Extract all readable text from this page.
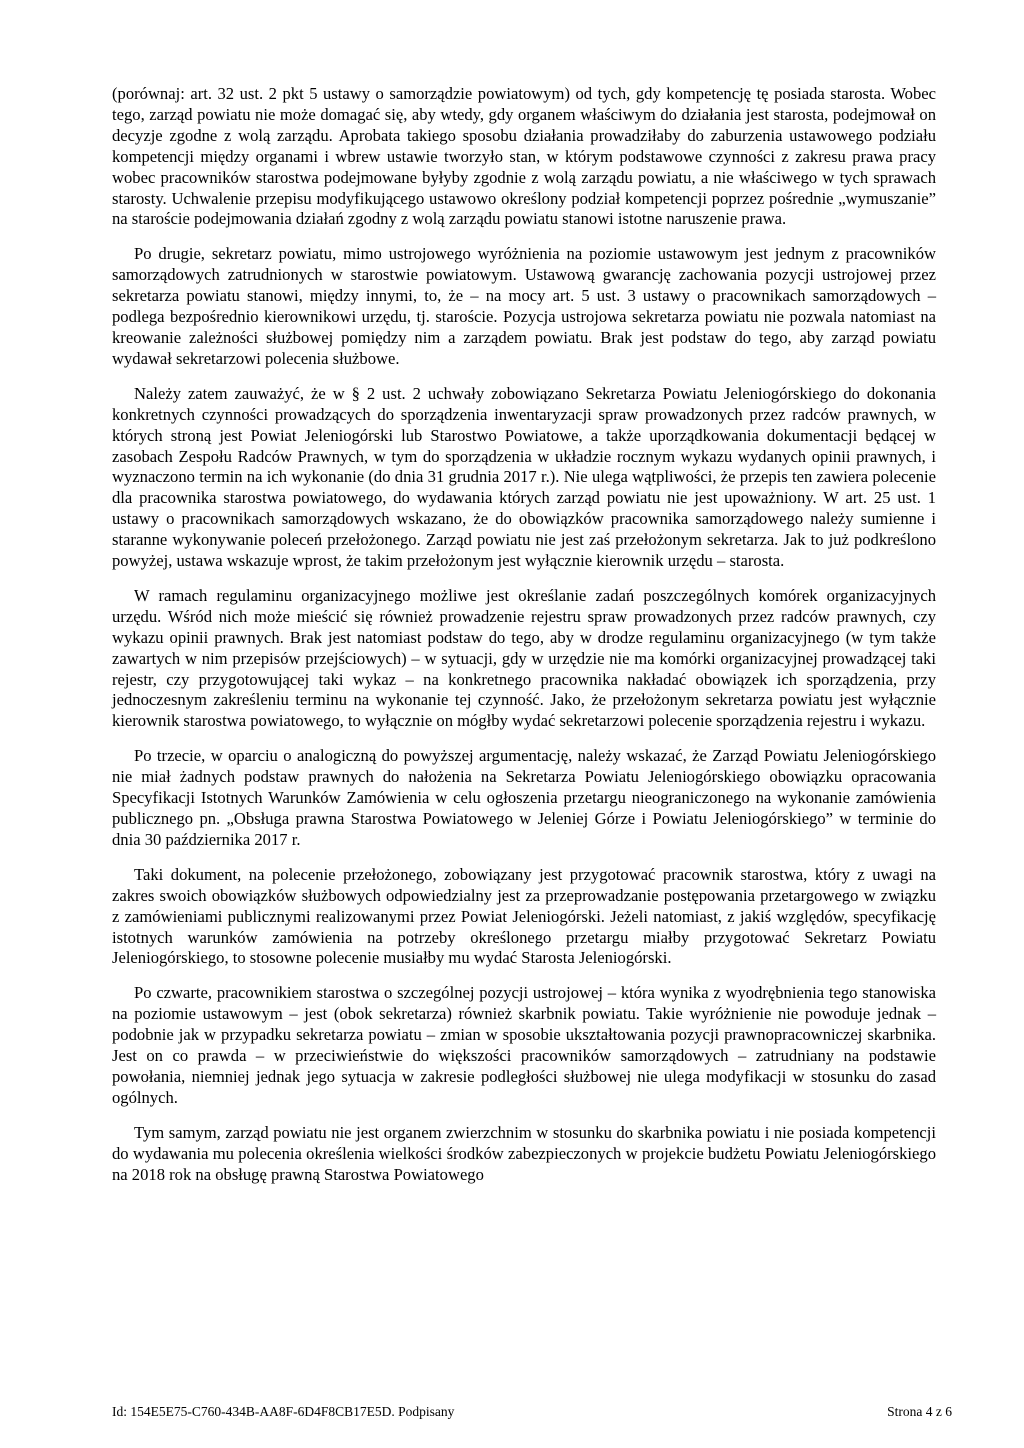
(porównaj: art. 32 ust. 2 pkt 5 ustawy o samorządzie powiatowym) od tych, gdy kompetencję tę posiada starosta. Wobec tego, zarząd powiatu nie może domagać się, aby wtedy, gdy organem właściwym do działania jest starosta, podejmował on decyzje zgodne z wolą zarządu. Aprobata takiego sposobu działania prowadziłaby do zaburzenia ustawowego podziału kompetencji między organami i wbrew ustawie tworzyło stan, w którym podstawowe czynności z zakresu prawa pracy wobec pracowników starostwa podejmowane byłyby zgodnie z wolą zarządu powiatu, a nie właściwego w tych sprawach starosty. Uchwalenie przepisu modyfikującego ustawowo określony podział kompetencji poprzez pośrednie „wymuszanie” na staroście podejmowania działań zgodny z wolą zarządu powiatu stanowi istotne naruszenie prawa.

Po drugie, sekretarz powiatu, mimo ustrojowego wyróżnienia na poziomie ustawowym jest jednym z pracowników samorządowych zatrudnionych w starostwie powiatowym. Ustawową gwarancję zachowania pozycji ustrojowej przez sekretarza powiatu stanowi, między innymi, to, że – na mocy art. 5 ust. 3 ustawy o pracownikach samorządowych – podlega bezpośrednio kierownikowi urzędu, tj. staroście. Pozycja ustrojowa sekretarza powiatu nie pozwala natomiast na kreowanie zależności służbowej pomiędzy nim a zarządem powiatu. Brak jest podstaw do tego, aby zarząd powiatu wydawał sekretarzowi polecenia służbowe.

Należy zatem zauważyć, że w § 2 ust. 2 uchwały zobowiązano Sekretarza Powiatu Jeleniogórskiego do dokonania konkretnych czynności prowadzących do sporządzenia inwentaryzacji spraw prowadzonych przez radców prawnych, w których stroną jest Powiat Jeleniogórski lub Starostwo Powiatowe, a także uporządkowania dokumentacji będącej w zasobach Zespołu Radców Prawnych, w tym do sporządzenia w układzie rocznym wykazu wydanych opinii prawnych, i wyznaczono termin na ich wykonanie (do dnia 31 grudnia 2017 r.). Nie ulega wątpliwości, że przepis ten zawiera polecenie dla pracownika starostwa powiatowego, do wydawania których zarząd powiatu nie jest upoważniony. W art. 25 ust. 1 ustawy o pracownikach samorządowych wskazano, że do obowiązków pracownika samorządowego należy sumienne i staranne wykonywanie poleceń przełożonego. Zarząd powiatu nie jest zaś przełożonym sekretarza. Jak to już podkreślono powyżej, ustawa wskazuje wprost, że takim przełożonym jest wyłącznie kierownik urzędu – starosta.

W ramach regulaminu organizacyjnego możliwe jest określanie zadań poszczególnych komórek organizacyjnych urzędu. Wśród nich może mieścić się również prowadzenie rejestru spraw prowadzonych przez radców prawnych, czy wykazu opinii prawnych. Brak jest natomiast podstaw do tego, aby w drodze regulaminu organizacyjnego (w tym także zawartych w nim przepisów przejściowych) – w sytuacji, gdy w urzędzie nie ma komórki organizacyjnej prowadzącej taki rejestr, czy przygotowującej taki wykaz – na konkretnego pracownika nakładać obowiązek ich sporządzenia, przy jednoczesnym zakreśleniu terminu na wykonanie tej czynność. Jako, że przełożonym sekretarza powiatu jest wyłącznie kierownik starostwa powiatowego, to wyłącznie on mógłby wydać sekretarzowi polecenie sporządzenia rejestru i wykazu.

Po trzecie, w oparciu o analogiczną do powyższej argumentację, należy wskazać, że Zarząd Powiatu Jeleniogórskiego nie miał żadnych podstaw prawnych do nałożenia na Sekretarza Powiatu Jeleniogórskiego obowiązku opracowania Specyfikacji Istotnych Warunków Zamówienia w celu ogłoszenia przetargu nieograniczonego na wykonanie zamówienia publicznego pn. „Obsługa prawna Starostwa Powiatowego w Jeleniej Górze i Powiatu Jeleniogórskiego” w terminie do dnia 30 października 2017 r.

Taki dokument, na polecenie przełożonego, zobowiązany jest przygotować pracownik starostwa, który z uwagi na zakres swoich obowiązków służbowych odpowiedzialny jest za przeprowadzanie postępowania przetargowego w związku z zamówieniami publicznymi realizowanymi przez Powiat Jeleniogórski. Jeżeli natomiast, z jakiś względów, specyfikację istotnych warunków zamówienia na potrzeby określonego przetargu miałby przygotować Sekretarz Powiatu Jeleniogórskiego, to stosowne polecenie musiałby mu wydać Starosta Jeleniogórski.

Po czwarte, pracownikiem starostwa o szczególnej pozycji ustrojowej – która wynika z wyodrębnienia tego stanowiska na poziomie ustawowym – jest (obok sekretarza) również skarbnik powiatu. Takie wyróżnienie nie powoduje jednak – podobnie jak w przypadku sekretarza powiatu – zmian w sposobie ukształtowania pozycji prawnopracowniczej skarbnika. Jest on co prawda – w przeciwieństwie do większości pracowników samorządowych – zatrudniany na podstawie powołania, niemniej jednak jego sytuacja w zakresie podległości służbowej nie ulega modyfikacji w stosunku do zasad ogólnych.

Tym samym, zarząd powiatu nie jest organem zwierzchnim w stosunku do skarbnika powiatu i nie posiada kompetencji do wydawania mu polecenia określenia wielkości środków zabezpieczonych w projekcie budżetu Powiatu Jeleniogórskiego na 2018 rok na obsługę prawną Starostwa Powiatowego

Id: 154E5E75-C760-434B-AA8F-6D4F8CB17E5D. Podpisany	Strona 4 z 6
